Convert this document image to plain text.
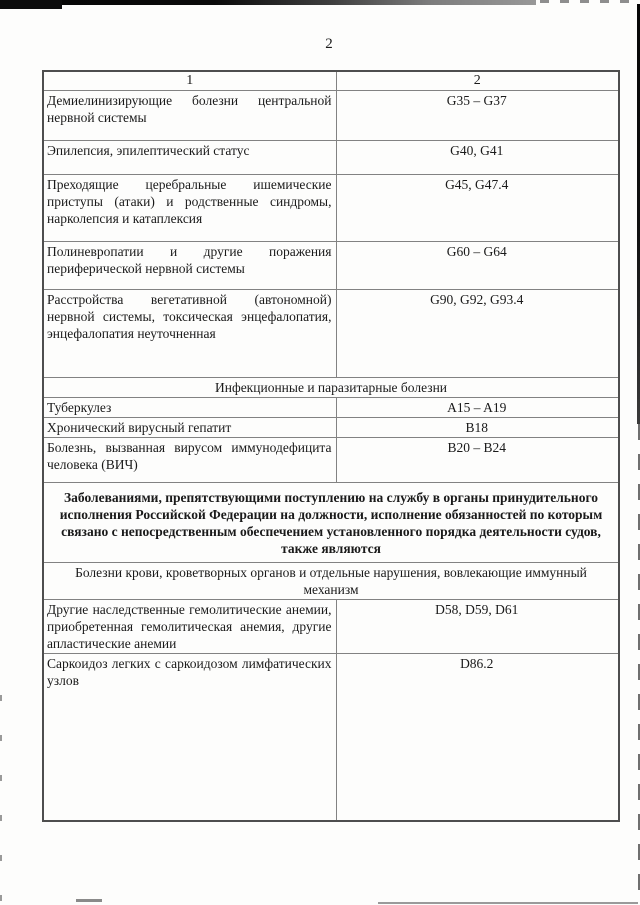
2
1	2
Демиелинизирующие болезни центральной нервной системы	G35 – G37
Эпилепсия, эпилептический статус	G40, G41
Преходящие церебральные ишемические приступы (атаки) и родственные синдромы, нарколепсия и катаплексия	G45, G47.4
Полиневропатии и другие поражения периферической нервной системы	G60 – G64
Расстройства вегетативной (автономной) нервной системы, токсическая энцефалопатия, энцефалопатия неуточненная	G90, G92, G93.4
Инфекционные и паразитарные болезни	
Туберкулез	A15 – A19
Хронический вирусный гепатит	B18
Болезнь, вызванная вирусом иммунодефицита человека (ВИЧ)	B20 – B24
Заболеваниями, препятствующими поступлению на службу в органы принудительного исполнения Российской Федерации на должности, исполнение обязанностей по которым связано с непосредственным обеспечением установленного порядка деятельности судов, также являются	
Болезни крови, кроветворных органов и отдельные нарушения, вовлекающие иммунный механизм	
Другие наследственные гемолитические анемии, приобретенная гемолитическая анемия, другие апластические анемии	D58, D59, D61
Саркоидоз легких с саркоидозом лимфатических узлов	D86.2
